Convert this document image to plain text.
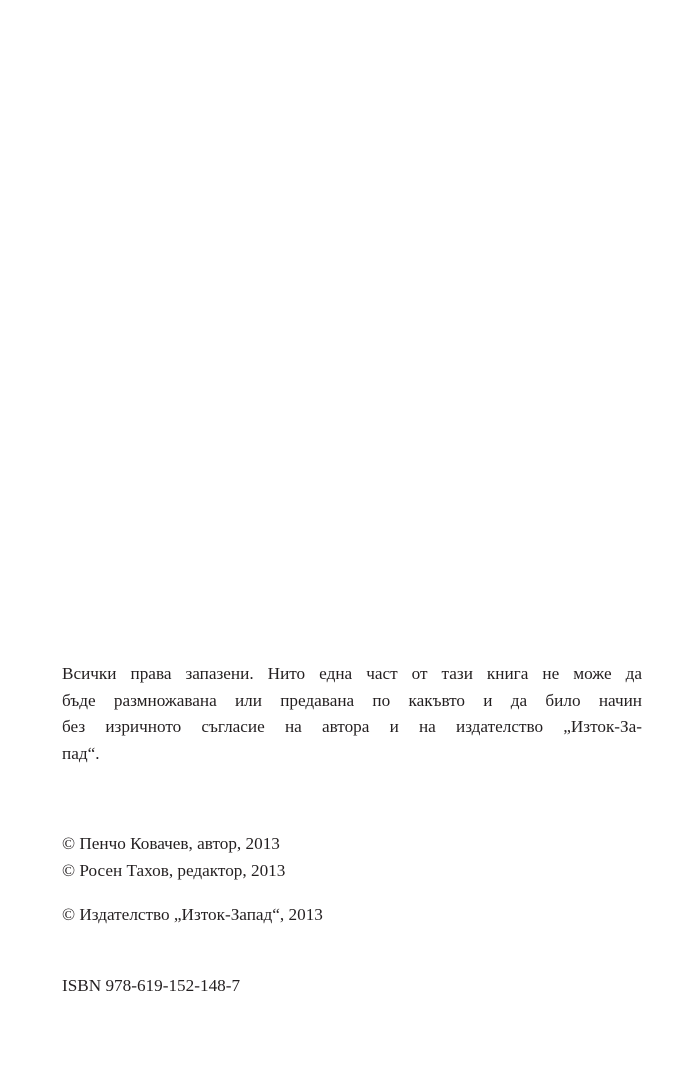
Всички права запазени. Нито една част от тази книга не може да
бъде размножавана или предавана по какъвто и да било начин
без изричното съгласие на автора и на издателство „Изток-За-
пад“.
© Пенчо Ковачев, автор, 2013
© Росен Тахов, редактор, 2013
© Издателство „Изток-Запад“, 2013
ISBN 978-619-152-148-7
